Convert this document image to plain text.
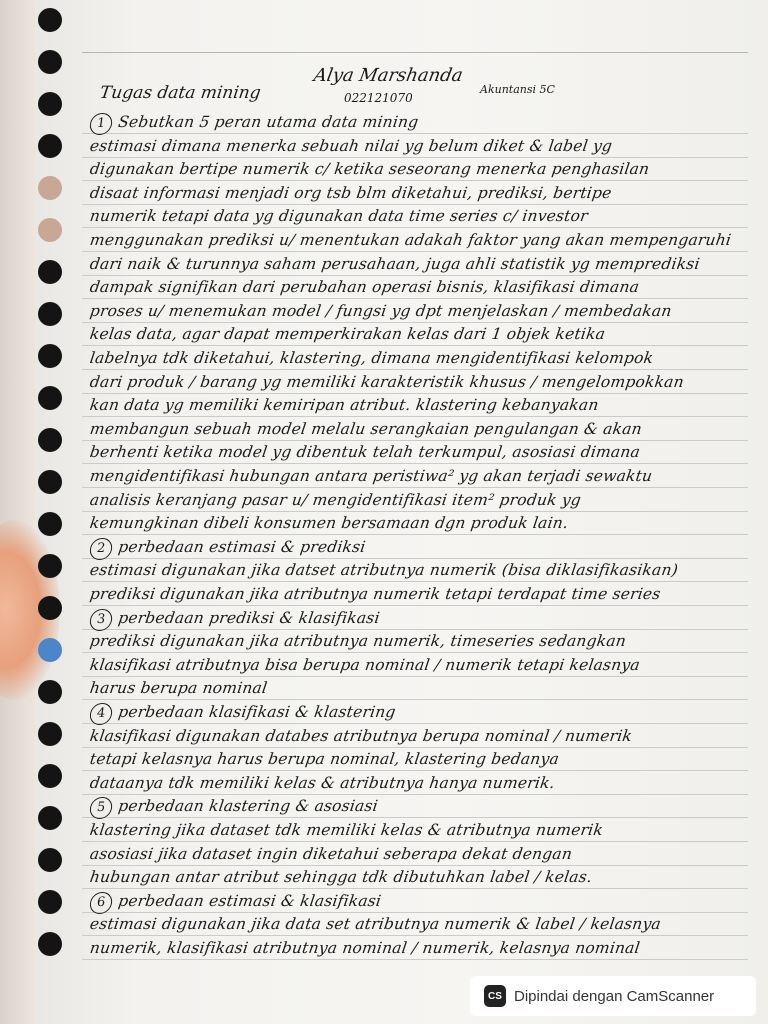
Tugas data mining
Alya Marshanda
022121070
Akuntansi 5C
1 Sebutkan 5 peran utama data mining
estimasi dimana menerka sebuah nilai yg belum diket & label yg
digunakan bertipe numerik c/ ketika seseorang menerka penghasilan
disaat informasi menjadi org tsb blm diketahui, prediksi, bertipe
numerik tetapi data yg digunakan data time series c/ investor
menggunakan prediksi u/ menentukan adakah faktor yang akan mempengaruhi
dari naik & turunnya saham perusahaan, juga ahli statistik yg memprediksi
dampak signifikan dari perubahan operasi bisnis, klasifikasi dimana
proses u/ menemukan model / fungsi yg dpt menjelaskan / membedakan
kelas data, agar dapat memperkirakan kelas dari 1 objek ketika
labelnya tdk diketahui, klastering, dimana mengidentifikasi kelompok
dari produk / barang yg memiliki karakteristik khusus / mengelompokkan
kan data yg memiliki kemiripan atribut. klastering kebanyakan
membangun sebuah model melalu serangkaian pengulangan & akan
berhenti ketika model yg dibentuk telah terkumpul, asosiasi dimana
mengidentifikasi hubungan antara peristiwa² yg akan terjadi sewaktu
analisis keranjang pasar u/ mengidentifikasi item² produk yg
kemungkinan dibeli konsumen bersamaan dgn produk lain.
2 perbedaan estimasi & prediksi
estimasi digunakan jika datset atributnya numerik (bisa diklasifikasikan)
prediksi digunakan jika atributnya numerik tetapi terdapat time series
3 perbedaan prediksi & klasifikasi
prediksi digunakan jika atributnya numerik, timeseries sedangkan
klasifikasi atributnya bisa berupa nominal / numerik tetapi kelasnya
harus berupa nominal
4 perbedaan klasifikasi & klastering
klasifikasi digunakan databes atributnya berupa nominal / numerik
tetapi kelasnya harus berupa nominal, klastering bedanya
dataanya tdk memiliki kelas & atributnya hanya numerik.
5 perbedaan klastering & asosiasi
klastering jika dataset tdk memiliki kelas & atributnya numerik
asosiasi jika dataset ingin diketahui seberapa dekat dengan
hubungan antar atribut sehingga tdk dibutuhkan label / kelas.
6 perbedaan estimasi & klasifikasi
estimasi digunakan jika data set atributnya numerik & label / kelasnya
numerik, klasifikasi atributnya nominal / numerik, kelasnya nominal
CS Dipindai dengan CamScanner
